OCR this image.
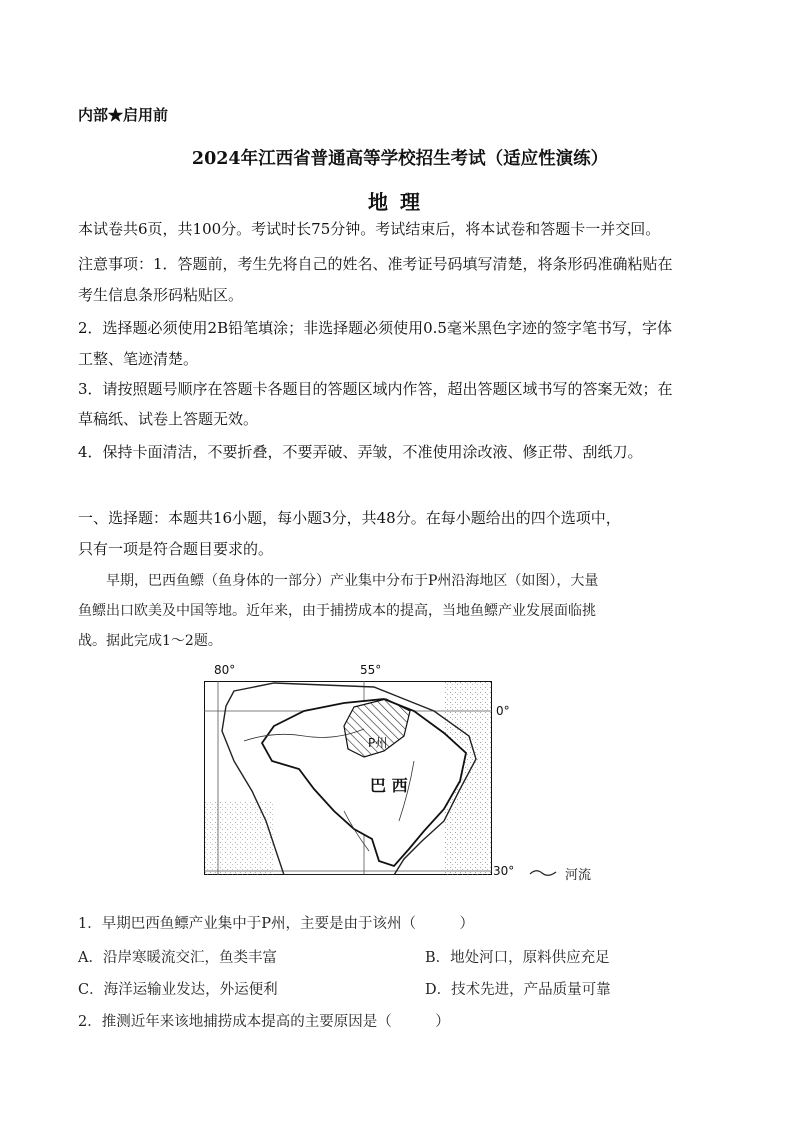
内部★启用前
2024年江西省普通高等学校招生考试（适应性演练）
地理
本试卷共6页，共100分。考试时长75分钟。考试结束后，将本试卷和答题卡一并交回。
注意事项：1．答题前，考生先将自己的姓名、准考证号码填写清楚，将条形码准确粘贴在
考生信息条形码粘贴区。
2．选择题必须使用2B铅笔填涂；非选择题必须使用0.5毫米黑色字迹的签字笔书写，字体
工整、笔迹清楚。
3．请按照题号顺序在答题卡各题目的答题区域内作答，超出答题区域书写的答案无效；在
草稿纸、试卷上答题无效。
4．保持卡面清洁，不要折叠，不要弄破、弄皱，不准使用涂改液、修正带、刮纸刀。
一、选择题：本题共16小题，每小题3分，共48分。在每小题给出的四个选项中，
只有一项是符合题目要求的。
早期，巴西鱼鳔（鱼身体的一部分）产业集中分布于P州沿海地区（如图），大量
鱼鳔出口欧美及中国等地。近年来，由于捕捞成本的提高，当地鱼鳔产业发展面临挑
战。据此完成1～2题。
80°	55°
0°
30°
P州
巴 西
河流
1．早期巴西鱼鳔产业集中于P州，主要是由于该州（　　　）
A．沿岸寒暖流交汇，鱼类丰富	B．地处河口，原料供应充足
C．海洋运输业发达，外运便利	D．技术先进，产品质量可靠
2．推测近年来该地捕捞成本提高的主要原因是（　　　）
